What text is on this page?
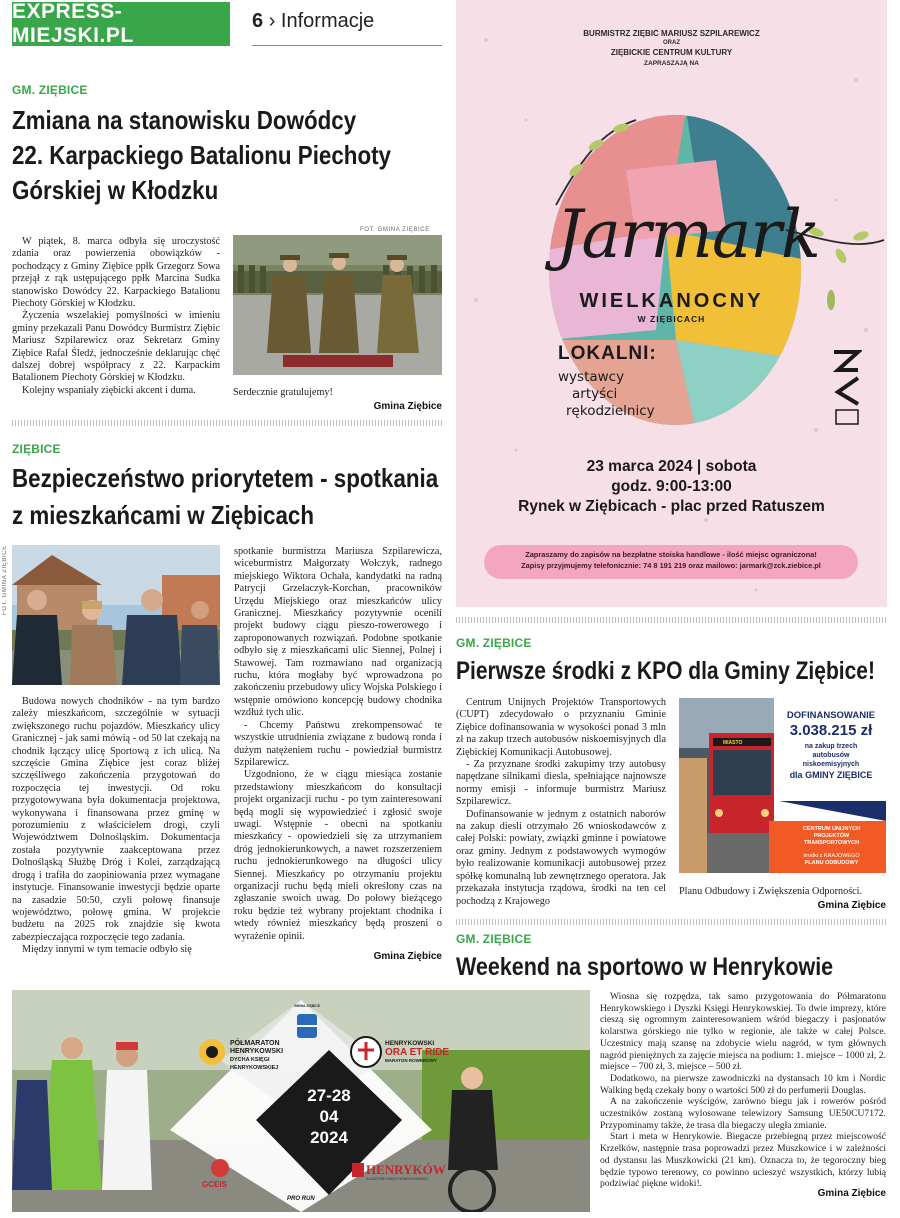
EXPRESS-MIEJSKI.PL
6 › Informacje
GM. ZIĘBICE
Zmiana na stanowisku Dowódcy
22. Karpackiego Batalionu Piechoty
Górskiej w Kłodzku

W piątek, 8. marca odbyła się uroczystość zdania oraz powierzenia obowiązków - pochodzący z Gminy Ziębice ppłk Grzegorz Sowa przejął z rąk ustępującego ppłk Marcina Sudka stanowisko Dowódcy 22. Karpackiego Batalionu Piechoty Górskiej w Kłodzku.

Życzenia wszelakiej pomyślności w imieniu gminy przekazali Panu Dowódcy Burmistrz Ziębic Mariusz Szpilarewicz oraz Sekretarz Gminy Ziębice Rafał Śledź, jednocześnie deklarując chęć dalszej dobrej współpracy z 22. Karpackim Batalionem Piechoty Górskiej w Kłodzku.

Kolejny wspaniały ziębicki akcent i duma.

FOT. GMINA ZIĘBICE
Serdecznie gratulujemy!
Gmina Ziębice
ZIĘBICE
Bezpieczeństwo priorytetem - spotkania
z mieszkańcami w Ziębicach
FOT. GMINA ZIĘBICE

Budowa nowych chodników - na tym bardzo zależy mieszkańcom, szczególnie w sytuacji zwiększonego ruchu pojazdów. Mieszkańcy ulicy Granicznej - jak sami mówią - od 50 lat czekają na chodnik łączący ulicę Sportową z ich ulicą. Na szczęście Gmina Ziębice jest coraz bliżej szczęśliwego zakończenia przygotowań do rozpoczęcia tej inwestycji. Od roku przygotowywana była dokumentacja projektowa, wykonywana i finansowana przez gminę w porozumieniu z właścicielem drogi, czyli Województwem Dolnośląskim. Dokumentacja została pozytywnie zaakceptowana przez Dolnośląską Służbę Dróg i Kolei, zarządzającą drogą i trafiła do zaopiniowania przez wymagane instytucje. Finansowanie inwestycji będzie oparte na zasadzie 50:50, czyli połowę finansuje województwo, połowę gmina. W projekcie budżetu na 2025 rok znajdzie się kwota zabezpieczająca rozpoczęcie tego zadania.

Między innymi w tym temacie odbyło się

spotkanie burmistrza Mariusza Szpilarewicza, wiceburmistrz Małgorzaty Wołczyk, radnego miejskiego Wiktora Ochała, kandydatki na radną Patrycji Grzelaczyk-Korchan, pracowników Urzędu Miejskiego oraz mieszkańców ulicy Granicznej. Mieszkańcy pozytywnie ocenili projekt budowy ciągu pieszo-rowerowego i zaproponowanych rozwiązań. Podobne spotkanie odbyło się z mieszkańcami ulic Siennej, Polnej i Stawowej. Tam rozmawiano nad organizacją ruchu, która mogłaby być wprowadzona po zakończeniu przebudowy ulicy Wojska Polskiego i wstępnie omówiono koncepcję budowy chodnika wzdłuż tych ulic.

- Chcemy Państwu zrekompensować te wszystkie utrudnienia związane z budową ronda i dużym natężeniem ruchu - powiedział burmistrz Szpilarewicz.

Uzgodniono, że w ciągu miesiąca zostanie przedstawiony mieszkańcom do konsultacji projekt organizacji ruchu - po tym zainteresowani będą mogli się wypowiedzieć i zgłosić swoje uwagi. Wstępnie - obecni na spotkaniu mieszkańcy - opowiedzieli się za utrzymaniem dróg jednokierunkowych, a nawet rozszerzeniem ruchu jednokierunkowego na długości ulicy Siennej. Mieszkańcy po otrzymaniu projektu organizacji ruchu będą mieli określony czas na zgłaszanie swoich uwag. Do połowy bieżącego roku będzie też wybrany projektant chodnika i wtedy również mieszkańcy będą proszeni o wyrażenie opinii.

Gmina Ziębice
BURMISTRZ ZIĘBIC MARIUSZ SZPILAREWICZ
ORAZ
ZIĘBICKIE CENTRUM KULTURY
ZAPRASZAJĄ NA
Jarmark
WIELKANOCNY
W ZIĘBICACH
LOKALNI:
wystawcy
artyści
rękodzielnicy
23 marca 2024 | sobota
godz. 9:00-13:00
Rynek w Ziębicach - plac przed Ratuszem
Zapraszamy do zapisów na bezpłatne stoiska handlowe - ilość miejsc ograniczona!
Zapisy przyjmujemy telefonicznie: 74 8 191 219 oraz mailowo: jarmark@zck.ziebice.pl
GM. ZIĘBICE
Pierwsze środki z KPO dla Gminy Ziębice!

Centrum Unijnych Projektów Transportowych (CUPT) zdecydowało o przyznaniu Gminie Ziębice dofinansowania w wysokości ponad 3 mln zł na zakup trzech autobusów niskoemisyjnych dla Ziębickiej Komunikacji Autobusowej.

- Za przyznane środki zakupimy trzy autobusy napędzane silnikami diesla, spełniające najnowsze normy emisji - informuje burmistrz Mariusz Szpilarewicz.

Dofinansowanie w jednym z ostatnich naborów na zakup diesli otrzymało 26 wnioskodawców z całej Polski: powiaty, związki gminne i powiatowe oraz gminy. Jednym z podstawowych wymogów było realizowanie komunikacji autobusowej przez spółkę komunalną lub zewnętrznego operatora. Jak przekazała instytucja rządowa, środki na ten cel pochodzą z Krajowego

MIASTO
DOFINANSOWANIE
3.038.215 zł
na zakup trzech
autobusów
niskoemisyjnych
dla GMINY ZIĘBICE
CENTRUM UNIJNYCH
PROJEKTÓW
TRANSPORTOWYCH
środki z KRAJOWEGO
PLANU ODBUDOWY
Planu Odbudowy i Zwiększenia Odporności.
Gmina Ziębice
GM. ZIĘBICE
Weekend na sportowo w Henrykowie

Wiosna się rozpędza, tak samo przygotowania do Półmaratonu Henrykowskiego i Dyszki Księgi Henrykowskiej. To dwie imprezy, które cieszą się ogromnym zainteresowaniem wśród biegaczy i pasjonatów kolarstwa górskiego nie tylko w regionie, ale także w całej Polsce. Uczestnicy mają szansę na zdobycie wielu nagród, w tym głównych nagród pieniężnych za zajęcie miejsca na podium: 1. miejsce – 1000 zł, 2. miejsce – 700 zł, 3. miejsce – 500 zł.

Dodatkowo, na pierwsze zawodniczki na dystansach 10 km i Nordic Walking będą czekały bony o wartości 500 zł do perfumerii Douglas.

A na zakończenie wyścigów, zarówno biegu jak i rowerów pośród uczestników zostaną wylosowane telewizory Samsung UE50CU7172. Przypominamy także, że trasa dla biegaczy uległa zmianie.

Start i meta w Henrykowie. Biegacze przebiegną przez miejscowość Krzelków, następnie trasa poprowadzi przez Muszkowice i w zależności od dystansu las Muszkowicki (21 km). Oznacza to, że tegoroczny bieg będzie typowo terenowy, co powinno ucieszyć wszystkich, którzy lubią podziwiać piękne widoki!.

Gmina Ziębice
GMINA ZIĘBICE
PÓŁMARATON
HENRYKOWSKI
DYCHA KSIĘGI
HENRYKOWSKIEJ
HENRYKOWSKI
ORA ET RIDE
MARATON ROWEROWY
27-28
04
2024
GCEIS
HENRYKÓW
KLASZTOR KSIĘGI HENRYKOWSKIEJ
PRO RUN
